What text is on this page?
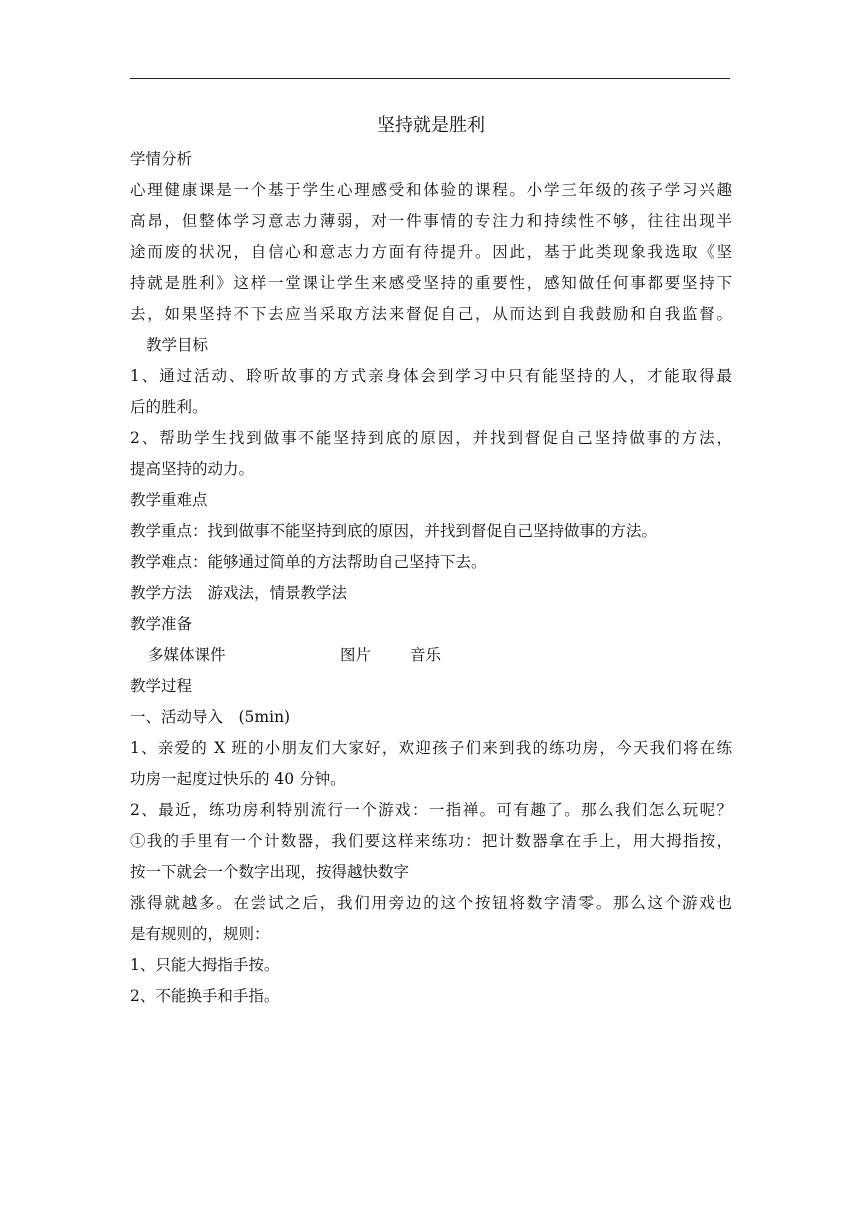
坚持就是胜利

学情分析

心理健康课是一个基于学生心理感受和体验的课程。小学三年级的孩子学习兴趣

高昂，但整体学习意志力薄弱，对一件事情的专注力和持续性不够，往往出现半

途而废的状况，自信心和意志力方面有待提升。因此，基于此类现象我选取《坚

持就是胜利》这样一堂课让学生来感受坚持的重要性，感知做任何事都要坚持下

去，如果坚持不下去应当采取方法来督促自己，从而达到自我鼓励和自我监督。

教学目标

1、通过活动、聆听故事的方式亲身体会到学习中只有能坚持的人，才能取得最

后的胜利。

2、帮助学生找到做事不能坚持到底的原因，并找到督促自己坚持做事的方法，

提高坚持的动力。

教学重难点

教学重点：找到做事不能坚持到底的原因，并找到督促自己坚持做事的方法。

教学难点：能够通过简单的方法帮助自己坚持下去。

教学方法　游戏法，情景教学法

教学准备

多媒体课件	图片	音乐

教学过程

一、活动导入　(5min)

1、亲爱的 X 班的小朋友们大家好，欢迎孩子们来到我的练功房，今天我们将在练

功房一起度过快乐的 40 分钟。

2、最近，练功房利特别流行一个游戏：一指禅。可有趣了。那么我们怎么玩呢？

①我的手里有一个计数器，我们要这样来练功：把计数器拿在手上，用大拇指按，

按一下就会一个数字出现，按得越快数字

涨得就越多。在尝试之后，我们用旁边的这个按钮将数字清零。那么这个游戏也

是有规则的，规则：

1、只能大拇指手按。

2、不能换手和手指。
